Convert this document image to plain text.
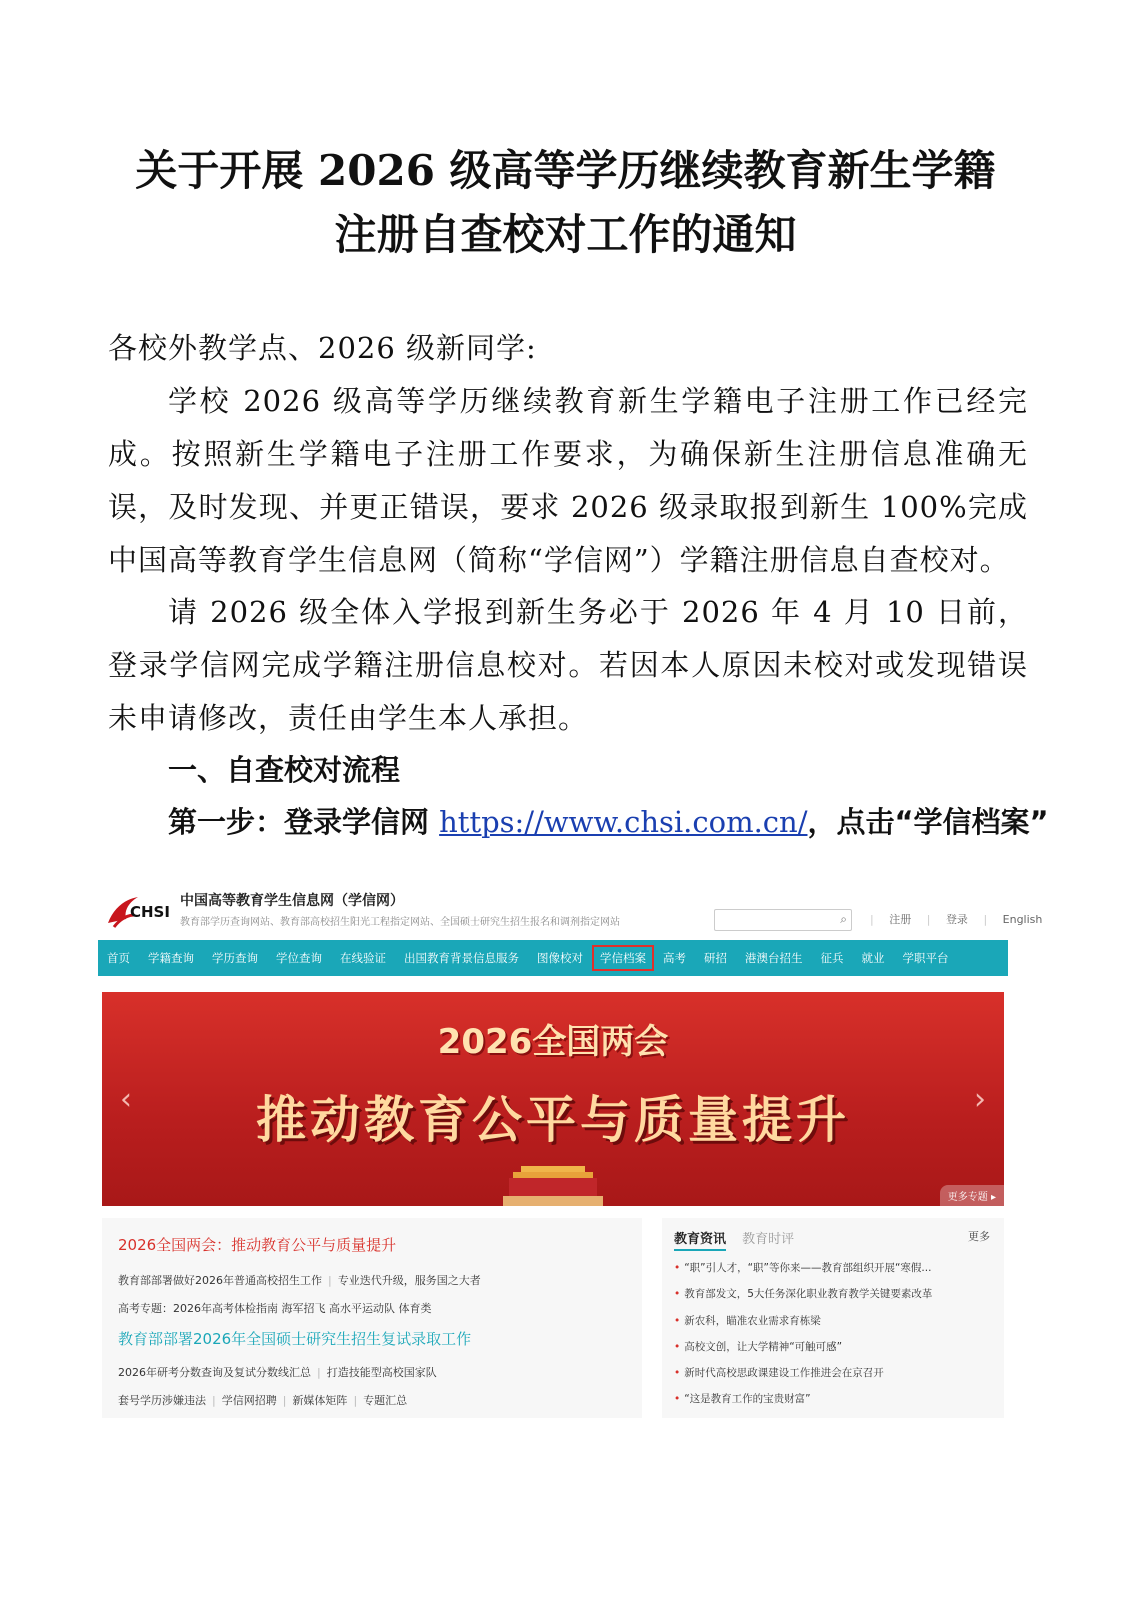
关于开展 2026 级高等学历继续教育新生学籍
注册自查校对工作的通知

各校外教学点、2026 级新同学:

学校 2026 级高等学历继续教育新生学籍电子注册工作已经完成。按照新生学籍电子注册工作要求，为确保新生注册信息准确无误，及时发现、并更正错误，要求 2026 级录取报到新生 100%完成中国高等教育学生信息网（简称“学信网”）学籍注册信息自查校对。

请 2026 级全体入学报到新生务必于 2026 年 4 月 10 日前，登录学信网完成学籍注册信息校对。若因本人原因未校对或发现错误未申请修改，责任由学生本人承担。

一、自查校对流程

第一步：登录学信网 https://www.chsi.com.cn/，点击“学信档案”

CHSI
中国高等教育学生信息网（学信网）
教育部学历查询网站、教育部高校招生阳光工程指定网站、全国硕士研究生招生报名和调剂指定网站	⌕	| 注册 | 登录 | English
首页	学籍查询	学历查询	学位查询	在线验证	出国教育背景信息服务	图像校对	学信档案	高考	研招	港澳台招生	征兵	就业	学职平台
2026全国两会
推动教育公平与质量提升
‹	›
更多专题 ▸
2026全国两会：推动教育公平与质量提升
教育部部署做好2026年普通高校招生工作 | 专业迭代升级，服务国之大者
高考专题：2026年高考体检指南 海军招飞 高水平运动队 体育类
教育部部署2026年全国硕士研究生招生复试录取工作
2026年研考分数查询及复试分数线汇总 | 打造技能型高校国家队
套号学历涉嫌违法 | 学信网招聘 | 新媒体矩阵 | 专题汇总
教育资讯 教育时评	更多
• “职”引人才，“职”等你来——教育部组织开展“寒假...
• 教育部发文，5大任务深化职业教育教学关键要素改革
• 新农科，瞄准农业需求育栋梁
• 高校文创，让大学精神“可触可感”
• 新时代高校思政课建设工作推进会在京召开
• “这是教育工作的宝贵财富”
